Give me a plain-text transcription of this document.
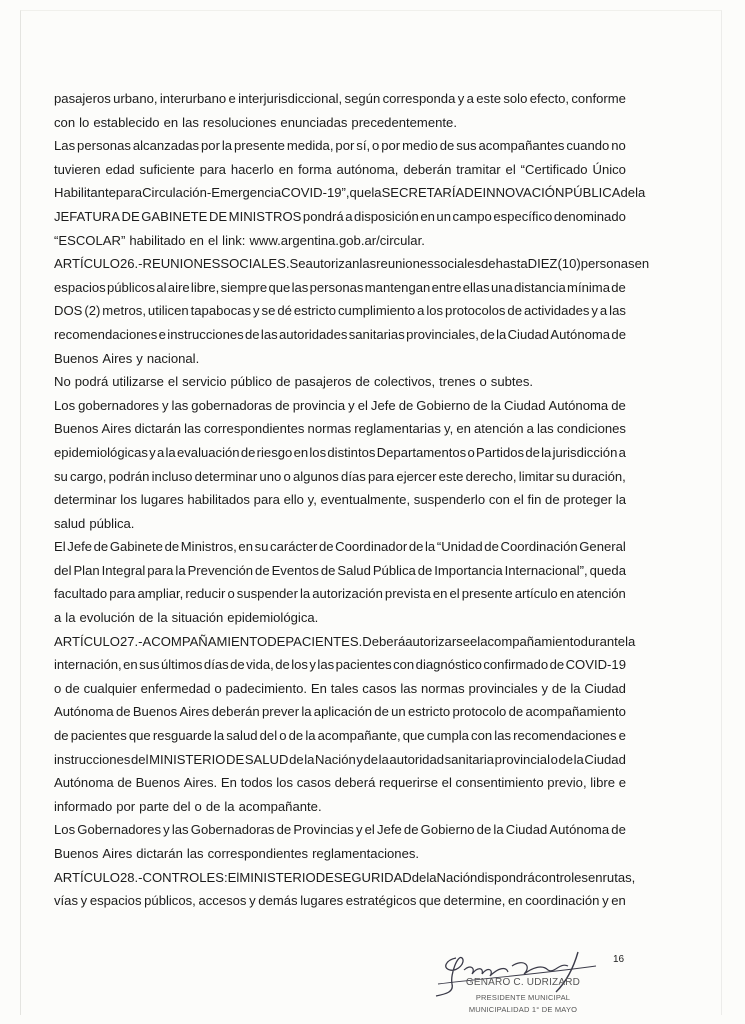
pasajeros urbano, interurbano e interjurisdiccional, según corresponda y a este solo efecto, conforme
con lo establecido en las resoluciones enunciadas precedentemente.
Las personas alcanzadas por la presente medida, por sí, o por medio de sus acompañantes cuando no
tuvieren edad suficiente para hacerlo en forma autónoma, deberán tramitar el “Certificado Único
Habilitante para Circulación - Emergencia COVID-19”, que la SECRETARÍA DE INNOVACIÓN PÚBLICA de la
JEFATURA DE GABINETE DE MINISTROS pondrá a disposición en un campo específico denominado
“ESCOLAR” habilitado en el link: www.argentina.gob.ar/circular.
ARTÍCULO 26.- REUNIONES SOCIALES. Se autorizan las reuniones sociales de hasta DIEZ (10) personas en
espacios públicos al aire libre, siempre que las personas mantengan entre ellas una distancia mínima de
DOS (2) metros, utilicen tapabocas y se dé estricto cumplimiento a los protocolos de actividades y a las
recomendaciones e instrucciones de las autoridades sanitarias provinciales, de la Ciudad Autónoma de
Buenos Aires y nacional.
No podrá utilizarse el servicio público de pasajeros de colectivos, trenes o subtes.
Los gobernadores y las gobernadoras de provincia y el Jefe de Gobierno de la Ciudad Autónoma de
Buenos Aires dictarán las correspondientes normas reglamentarias y, en atención a las condiciones
epidemiológicas y a la evaluación de riesgo en los distintos Departamentos o Partidos de la jurisdicción a
su cargo, podrán incluso determinar uno o algunos días para ejercer este derecho, limitar su duración,
determinar los lugares habilitados para ello y, eventualmente, suspenderlo con el fin de proteger la
salud pública.
El Jefe de Gabinete de Ministros, en su carácter de Coordinador de la “Unidad de Coordinación General
del Plan Integral para la Prevención de Eventos de Salud Pública de Importancia Internacional”, queda
facultado para ampliar, reducir o suspender la autorización prevista en el presente artículo en atención
a la evolución de la situación epidemiológica.
ARTÍCULO 27.- ACOMPAÑAMIENTO DE PACIENTES. Deberá autorizarse el acompañamiento durante la
internación, en sus últimos días de vida, de los y las pacientes con diagnóstico confirmado de COVID-19
o de cualquier enfermedad o padecimiento. En tales casos las normas provinciales y de la Ciudad
Autónoma de Buenos Aires deberán prever la aplicación de un estricto protocolo de acompañamiento
de pacientes que resguarde la salud del o de la acompañante, que cumpla con las recomendaciones e
instrucciones del MINISTERIO DE SALUD de la Nación y de la autoridad sanitaria provincial o de la Ciudad
Autónoma de Buenos Aires. En todos los casos deberá requerirse el consentimiento previo, libre e
informado por parte del o de la acompañante.
Los Gobernadores y las Gobernadoras de Provincias y el Jefe de Gobierno de la Ciudad Autónoma de
Buenos Aires dictarán las correspondientes reglamentaciones.
ARTÍCULO 28.- CONTROLES: El MINISTERIO DE SEGURIDAD de la Nación dispondrá controles en rutas,
vías y espacios públicos, accesos y demás lugares estratégicos que determine, en coordinación y en
16
GENARO C. UDRIZARD
PRESIDENTE MUNICIPAL
MUNICIPALIDAD 1° DE MAYO
